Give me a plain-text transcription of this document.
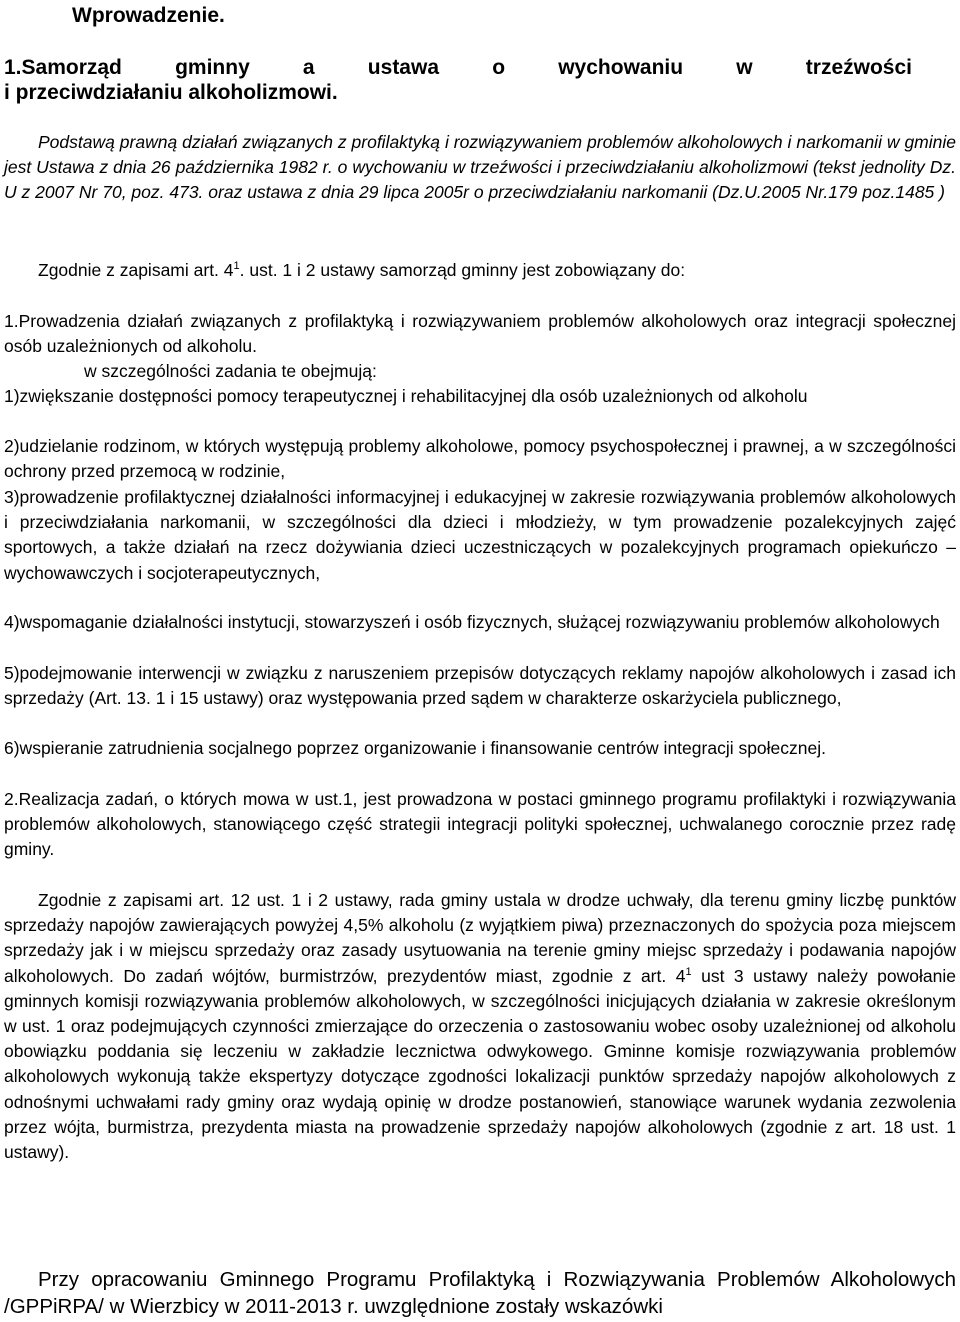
Wprowadzenie.
1.Samorząd gminny a ustawa o wychowaniu w trzeźwości
i przeciwdziałaniu alkoholizmowi.

Podstawą prawną działań związanych z profilaktyką i rozwiązywaniem problemów alkoholowych i narkomanii w gminie jest Ustawa z dnia 26 października 1982 r. o wychowaniu w trzeźwości i przeciwdziałaniu alkoholizmowi (tekst jednolity Dz. U z 2007 Nr 70, poz. 473. oraz ustawa z dnia 29 lipca 2005r o przeciwdziałaniu narkomanii (Dz.U.2005 Nr.179 poz.1485 )

Zgodnie z zapisami art. $4^1$. ust. 1 i 2 ustawy samorząd gminny jest zobowiązany do:

1.Prowadzenia działań związanych z profilaktyką i rozwiązywaniem problemów alkoholowych oraz integracji społecznej osób uzależnionych od alkoholu.

w szczególności zadania te obejmują:

1)zwiększanie dostępności pomocy terapeutycznej i rehabilitacyjnej dla osób uzależnionych od alkoholu

2)udzielanie rodzinom, w których występują problemy alkoholowe, pomocy psychospołecznej i prawnej, a w szczególności ochrony przed przemocą w rodzinie,

3)prowadzenie profilaktycznej działalności informacyjnej i edukacyjnej w zakresie rozwiązywania problemów alkoholowych i przeciwdziałania narkomanii, w szczególności dla dzieci i młodzieży, w tym prowadzenie pozalekcyjnych zajęć sportowych, a także działań na rzecz dożywiania dzieci uczestniczących w pozalekcyjnych programach opiekuńczo – wychowawczych i socjoterapeutycznych,

4)wspomaganie działalności instytucji, stowarzyszeń i osób fizycznych, służącej rozwiązywaniu problemów alkoholowych

5)podejmowanie interwencji w związku z naruszeniem przepisów dotyczących reklamy napojów alkoholowych i zasad ich sprzedaży (Art. 13. 1 i 15 ustawy) oraz występowania przed sądem w charakterze oskarżyciela publicznego,

6)wspieranie zatrudnienia socjalnego poprzez organizowanie i finansowanie centrów integracji społecznej.

2.Realizacja zadań, o których mowa w ust.1, jest prowadzona w postaci gminnego programu profilaktyki i rozwiązywania problemów alkoholowych, stanowiącego część strategii integracji polityki społecznej, uchwalanego corocznie przez radę gminy.

Zgodnie z zapisami art. 12 ust. 1 i 2 ustawy, rada gminy ustala w drodze uchwały, dla terenu gminy liczbę punktów sprzedaży napojów zawierających powyżej 4,5% alkoholu (z wyjątkiem piwa) przeznaczonych do spożycia poza miejscem sprzedaży jak i w miejscu sprzedaży oraz zasady usytuowania na terenie gminy miejsc sprzedaży i podawania napojów alkoholowych. Do zadań wójtów, burmistrzów, prezydentów miast, zgodnie z art. $4^1$ ust 3 ustawy należy powołanie gminnych komisji rozwiązywania problemów alkoholowych, w szczególności inicjujących działania w zakresie określonym w ust. 1 oraz podejmujących czynności zmierzające do orzeczenia o zastosowaniu wobec osoby uzależnionej od alkoholu obowiązku poddania się leczeniu w zakładzie lecznictwa odwykowego. Gminne komisje rozwiązywania problemów alkoholowych wykonują także ekspertyzy dotyczące zgodności lokalizacji punktów sprzedaży napojów alkoholowych z odnośnymi uchwałami rady gminy oraz wydają opinię w drodze postanowień, stanowiące warunek wydania zezwolenia przez wójta, burmistrza, prezydenta miasta na prowadzenie sprzedaży napojów alkoholowych (zgodnie z art. 18 ust. 1 ustawy).

Przy opracowaniu Gminnego Programu Profilaktyką i Rozwiązywania Problemów Alkoholowych /GPPiRPA/ w Wierzbicy w 2011-2013 r. uwzględnione zostały wskazówki
